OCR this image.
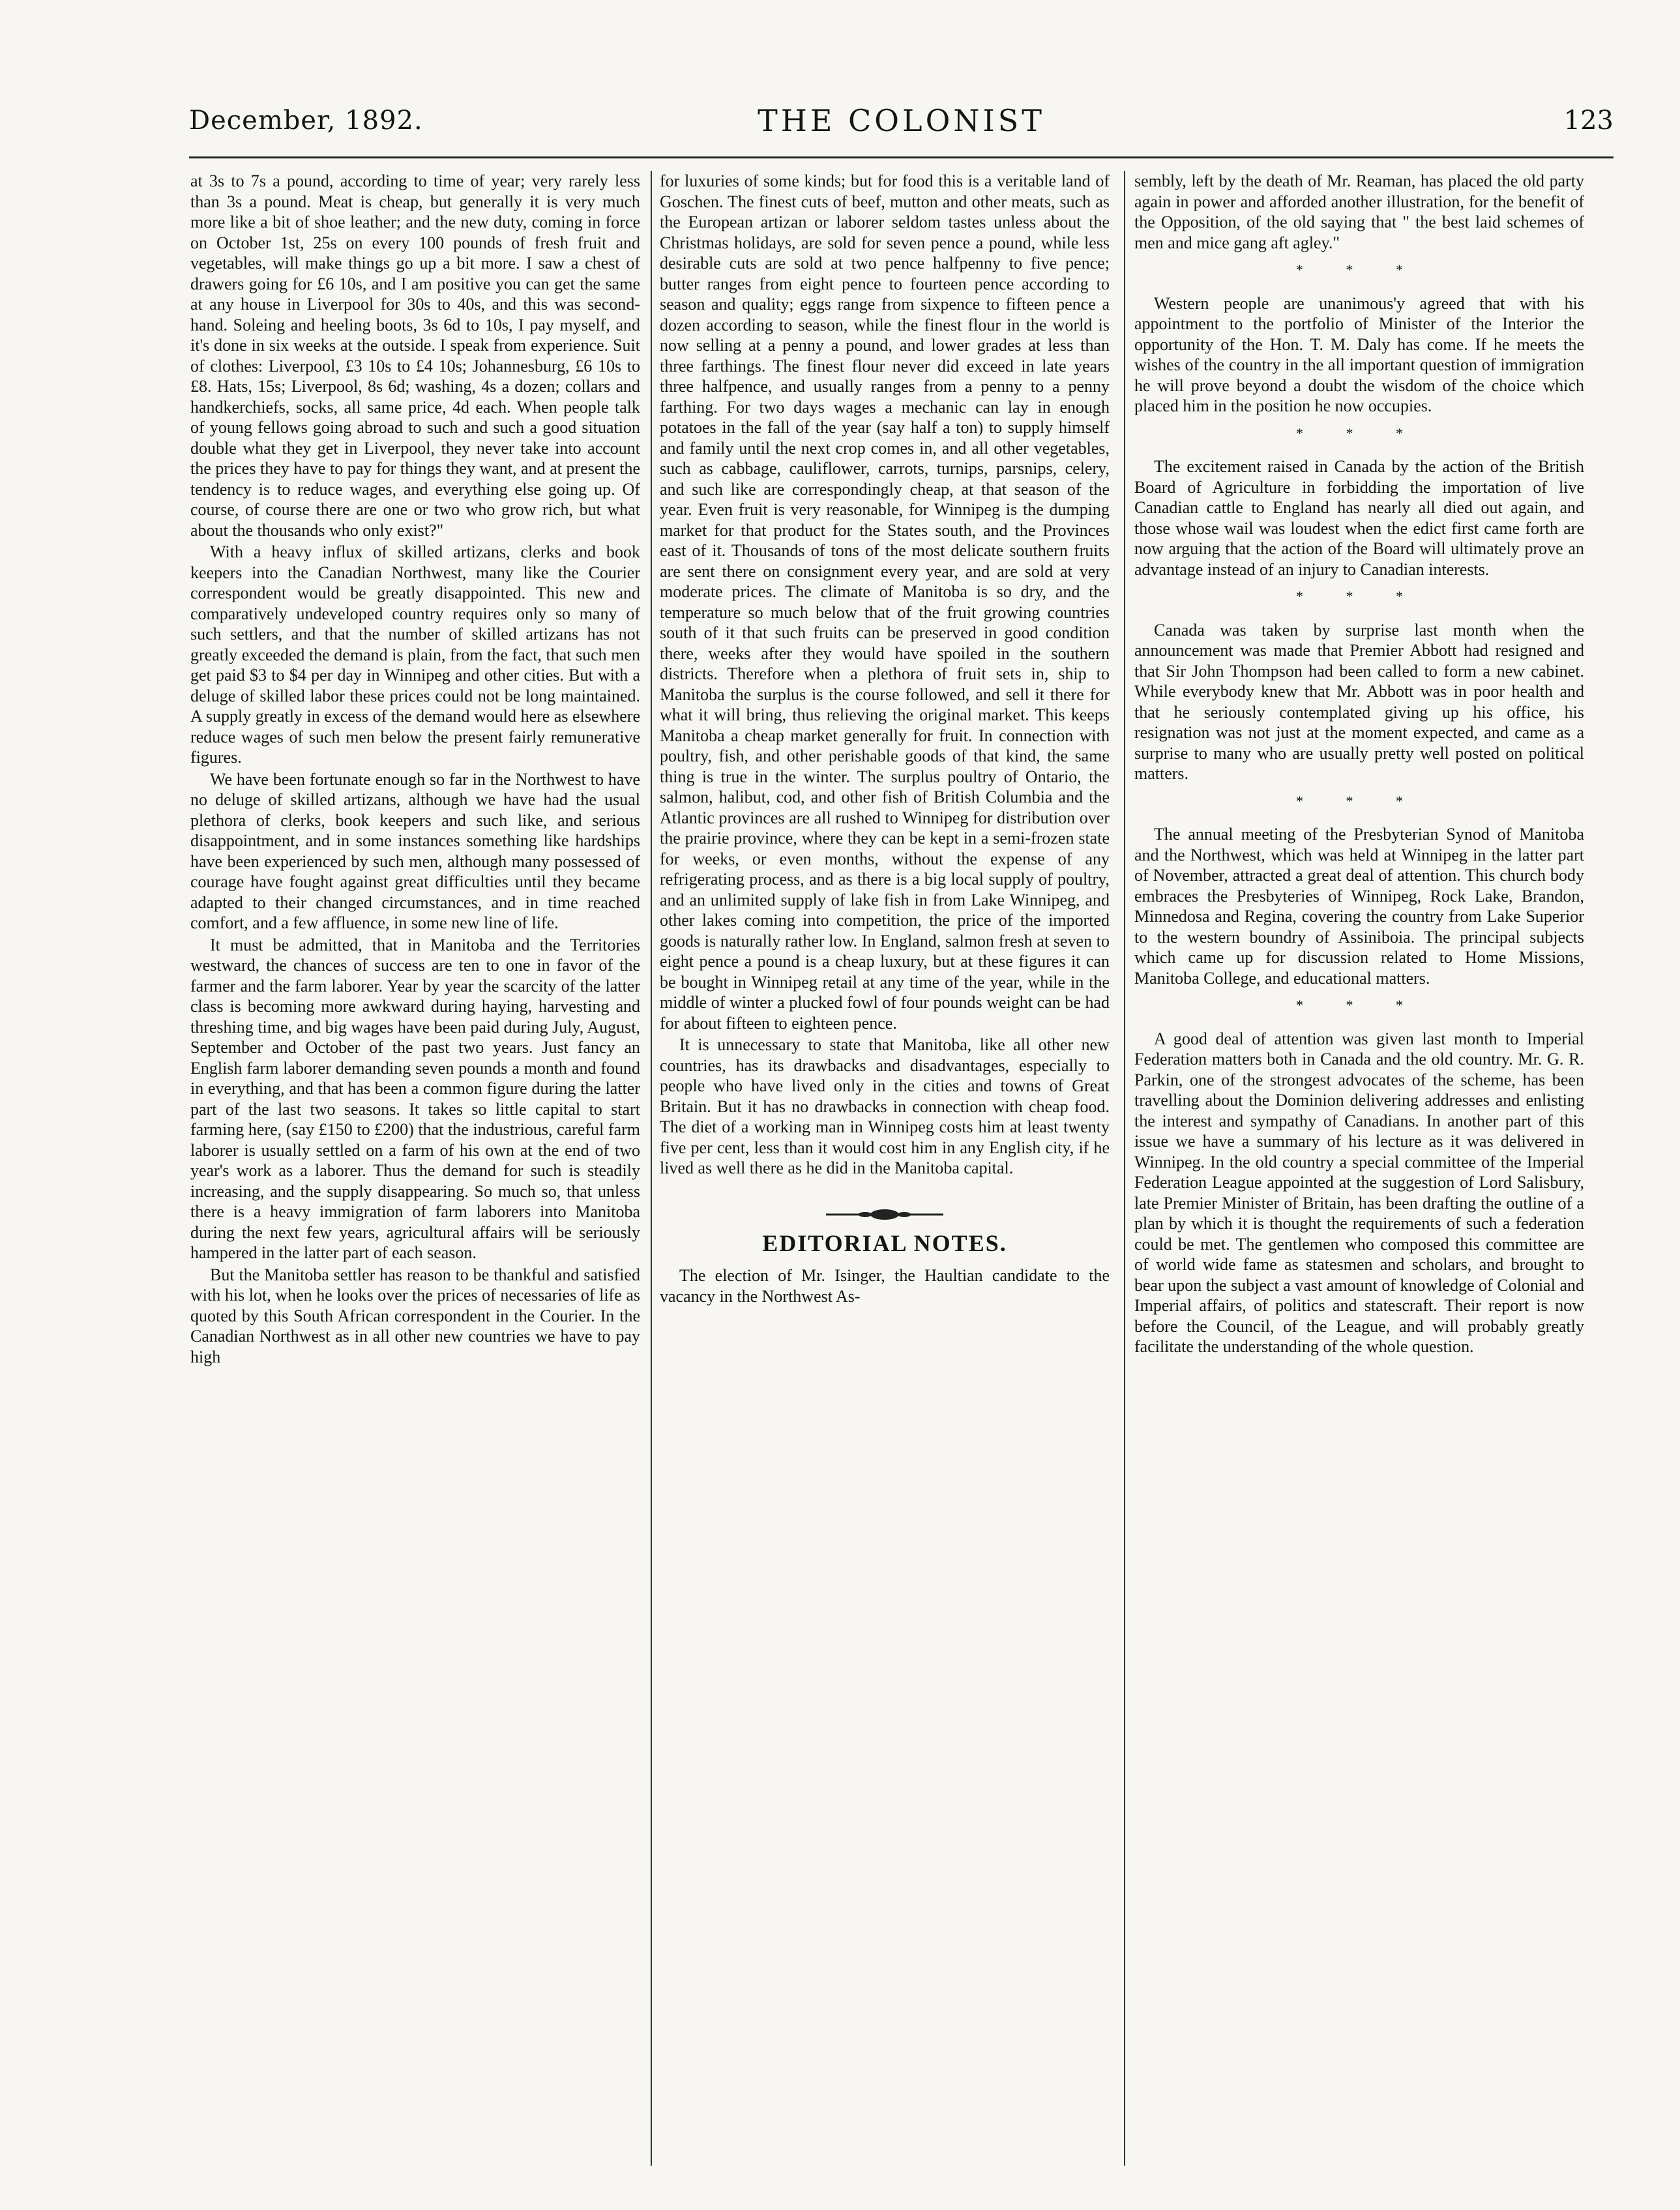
December, 1892.	THE COLONIST	123

at 3s to 7s a pound, according to time of year; very rarely less than 3s a pound. Meat is cheap, but generally it is very much more like a bit of shoe leather; and the new duty, coming in force on October 1st, 25s on every 100 pounds of fresh fruit and vegetables, will make things go up a bit more. I saw a chest of drawers going for £6 10s, and I am positive you can get the same at any house in Liverpool for 30s to 40s, and this was second-hand. Soleing and heeling boots, 3s 6d to 10s, I pay myself, and it's done in six weeks at the outside. I speak from experience. Suit of clothes: Liverpool, £3 10s to £4 10s; Johannesburg, £6 10s to £8. Hats, 15s; Liverpool, 8s 6d; washing, 4s a dozen; collars and handkerchiefs, socks, all same price, 4d each. When people talk of young fellows going abroad to such and such a good situation double what they get in Liverpool, they never take into account the prices they have to pay for things they want, and at present the tendency is to reduce wages, and everything else going up. Of course, of course there are one or two who grow rich, but what about the thousands who only exist?"

With a heavy influx of skilled artizans, clerks and book keepers into the Canadian Northwest, many like the Courier correspondent would be greatly disappointed. This new and comparatively undeveloped country requires only so many of such settlers, and that the number of skilled artizans has not greatly exceeded the demand is plain, from the fact, that such men get paid $3 to $4 per day in Winnipeg and other cities. But with a deluge of skilled labor these prices could not be long maintained. A supply greatly in excess of the demand would here as elsewhere reduce wages of such men below the present fairly remunerative figures.

We have been fortunate enough so far in the Northwest to have no deluge of skilled artizans, although we have had the usual plethora of clerks, book keepers and such like, and serious disappointment, and in some instances something like hardships have been experienced by such men, although many possessed of courage have fought against great difficulties until they became adapted to their changed circumstances, and in time reached comfort, and a few affluence, in some new line of life.

It must be admitted, that in Manitoba and the Territories westward, the chances of success are ten to one in favor of the farmer and the farm laborer. Year by year the scarcity of the latter class is becoming more awkward during haying, harvesting and threshing time, and big wages have been paid during July, August, September and October of the past two years. Just fancy an English farm laborer demanding seven pounds a month and found in everything, and that has been a common figure during the latter part of the last two seasons. It takes so little capital to start farming here, (say £150 to £200) that the industrious, careful farm laborer is usually settled on a farm of his own at the end of two year's work as a laborer. Thus the demand for such is steadily increasing, and the supply disappearing. So much so, that unless there is a heavy immigration of farm laborers into Manitoba during the next few years, agricultural affairs will be seriously hampered in the latter part of each season.

But the Manitoba settler has reason to be thankful and satisfied with his lot, when he looks over the prices of necessaries of life as quoted by this South African correspondent in the Courier. In the Canadian Northwest as in all other new countries we have to pay high

for luxuries of some kinds; but for food this is a veritable land of Goschen. The finest cuts of beef, mutton and other meats, such as the European artizan or laborer seldom tastes unless about the Christmas holidays, are sold for seven pence a pound, while less desirable cuts are sold at two pence halfpenny to five pence; butter ranges from eight pence to fourteen pence according to season and quality; eggs range from sixpence to fifteen pence a dozen according to season, while the finest flour in the world is now selling at a penny a pound, and lower grades at less than three farthings. The finest flour never did exceed in late years three halfpence, and usually ranges from a penny to a penny farthing. For two days wages a mechanic can lay in enough potatoes in the fall of the year (say half a ton) to supply himself and family until the next crop comes in, and all other vegetables, such as cabbage, cauliflower, carrots, turnips, parsnips, celery, and such like are correspondingly cheap, at that season of the year. Even fruit is very reasonable, for Winnipeg is the dumping market for that product for the States south, and the Provinces east of it. Thousands of tons of the most delicate southern fruits are sent there on consignment every year, and are sold at very moderate prices. The climate of Manitoba is so dry, and the temperature so much below that of the fruit growing countries south of it that such fruits can be preserved in good condition there, weeks after they would have spoiled in the southern districts. Therefore when a plethora of fruit sets in, ship to Manitoba the surplus is the course followed, and sell it there for what it will bring, thus relieving the original market. This keeps Manitoba a cheap market generally for fruit. In connection with poultry, fish, and other perishable goods of that kind, the same thing is true in the winter. The surplus poultry of Ontario, the salmon, halibut, cod, and other fish of British Columbia and the Atlantic provinces are all rushed to Winnipeg for distribution over the prairie province, where they can be kept in a semi-frozen state for weeks, or even months, without the expense of any refrigerating process, and as there is a big local supply of poultry, and an unlimited supply of lake fish in from Lake Winnipeg, and other lakes coming into competition, the price of the imported goods is naturally rather low. In England, salmon fresh at seven to eight pence a pound is a cheap luxury, but at these figures it can be bought in Winnipeg retail at any time of the year, while in the middle of winter a plucked fowl of four pounds weight can be had for about fifteen to eighteen pence.

It is unnecessary to state that Manitoba, like all other new countries, has its drawbacks and disadvantages, especially to people who have lived only in the cities and towns of Great Britain. But it has no drawbacks in connection with cheap food. The diet of a working man in Winnipeg costs him at least twenty five per cent, less than it would cost him in any English city, if he lived as well there as he did in the Manitoba capital.

EDITORIAL NOTES.

The election of Mr. Isinger, the Haultian candidate to the vacancy in the Northwest As-

sembly, left by the death of Mr. Reaman, has placed the old party again in power and afforded another illustration, for the benefit of the Opposition, of the old saying that " the best laid schemes of men and mice gang aft agley."

* * *

Western people are unanimous'y agreed that with his appointment to the portfolio of Minister of the Interior the opportunity of the Hon. T. M. Daly has come. If he meets the wishes of the country in the all important question of immigration he will prove beyond a doubt the wisdom of the choice which placed him in the position he now occupies.

* * *

The excitement raised in Canada by the action of the British Board of Agriculture in forbidding the importation of live Canadian cattle to England has nearly all died out again, and those whose wail was loudest when the edict first came forth are now arguing that the action of the Board will ultimately prove an advantage instead of an injury to Canadian interests.

* * *

Canada was taken by surprise last month when the announcement was made that Premier Abbott had resigned and that Sir John Thompson had been called to form a new cabinet. While everybody knew that Mr. Abbott was in poor health and that he seriously contemplated giving up his office, his resignation was not just at the moment expected, and came as a surprise to many who are usually pretty well posted on political matters.

* * *

The annual meeting of the Presbyterian Synod of Manitoba and the Northwest, which was held at Winnipeg in the latter part of November, attracted a great deal of attention. This church body embraces the Presbyteries of Winnipeg, Rock Lake, Brandon, Minnedosa and Regina, covering the country from Lake Superior to the western boundry of Assiniboia. The principal subjects which came up for discussion related to Home Missions, Manitoba College, and educational matters.

* * *

A good deal of attention was given last month to Imperial Federation matters both in Canada and the old country. Mr. G. R. Parkin, one of the strongest advocates of the scheme, has been travelling about the Dominion delivering addresses and enlisting the interest and sympathy of Canadians. In another part of this issue we have a summary of his lecture as it was delivered in Winnipeg. In the old country a special committee of the Imperial Federation League appointed at the suggestion of Lord Salisbury, late Premier Minister of Britain, has been drafting the outline of a plan by which it is thought the requirements of such a federation could be met. The gentlemen who composed this committee are of world wide fame as statesmen and scholars, and brought to bear upon the subject a vast amount of knowledge of Colonial and Imperial affairs, of politics and statescraft. Their report is now before the Council, of the League, and will probably greatly facilitate the understanding of the whole question.
